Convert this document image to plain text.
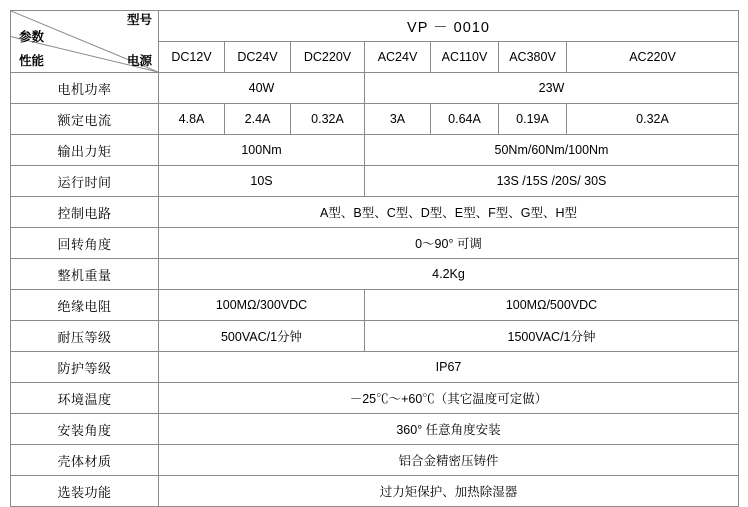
型号
电源
参数
性能	VP － 0010						
	DC12V	DC24V	DC220V	AC24V	AC110V	AC380V	AC220V
电机功率	40W			23W			
额定电流	4.8A	2.4A	0.32A	3A	0.64A	0.19A	0.32A
输出力矩	100Nm			50Nm/60Nm/100Nm			
运行时间	10S			13S /15S /20S/ 30S			
控制电路	A型、B型、C型、D型、E型、F型、G型、H型						
回转角度	0～90° 可调						
整机重量	4.2Kg						
绝缘电阻	100MΩ/300VDC			100MΩ/500VDC			
耐压等级	500VAC/1分钟			1500VAC/1分钟			
防护等级	IP67						
环境温度	－25℃～+60℃（其它温度可定做）						
安装角度	360° 任意角度安装						
壳体材质	铝合金精密压铸件						
选装功能	过力矩保护、加热除湿器						
